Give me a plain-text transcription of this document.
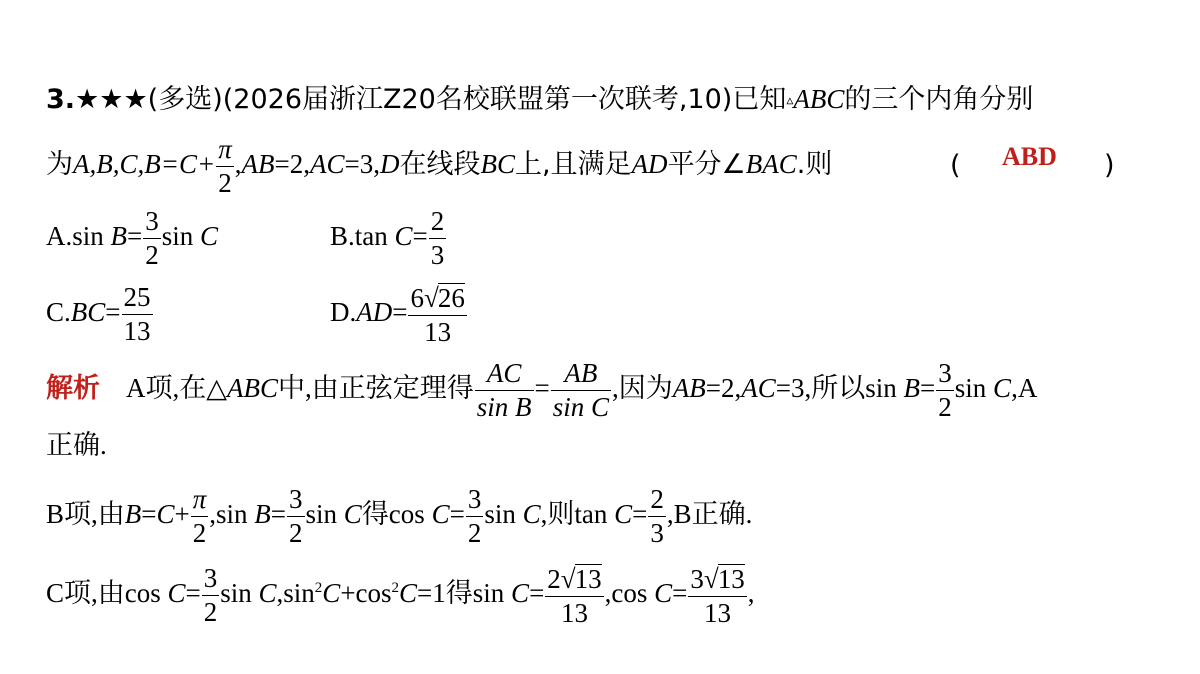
3.★★★(多选)(2026届浙江Z20名校联盟第一次联考,10)已知▵ABC的三个内角分别
为$A,B,C,B=C+ \frac{\pi}{2} ,AB=2,AC=3,D$在线段BC上,且满足AD平分∠BAC.则	( ABD )
A.sin $B= \frac{3}{2}$ sin C	B.tan $C= \frac{2}{3}$
$C.BC= \frac{25}{13}$	$D.AD= \frac{6√26}{13}$
解析 A项,在△ABC中,由正弦定理得 $\frac{AC}{\text{sin B}} = \frac{AB}{\text{sin C}}$ ,因为AB=2,AC=3,所以$\sin B= \frac{3}{2}$ sin C,A
正确.
B项,由$B=C+ \frac{\pi}{2} ,\sin$ $B= \frac{3}{2}$ sin C得$\cos C= \frac{3}{2}$ sin C,则$\tan C= \frac{2}{3} ,B$正确.
C项,由$\cos C= \frac{3}{2}$ $\sin C,\sin^2C+\cos^2C=1$得$\sin C= \frac{2√13}{13} ,\cos$ $C= \frac{3√13}{13}$ ,
